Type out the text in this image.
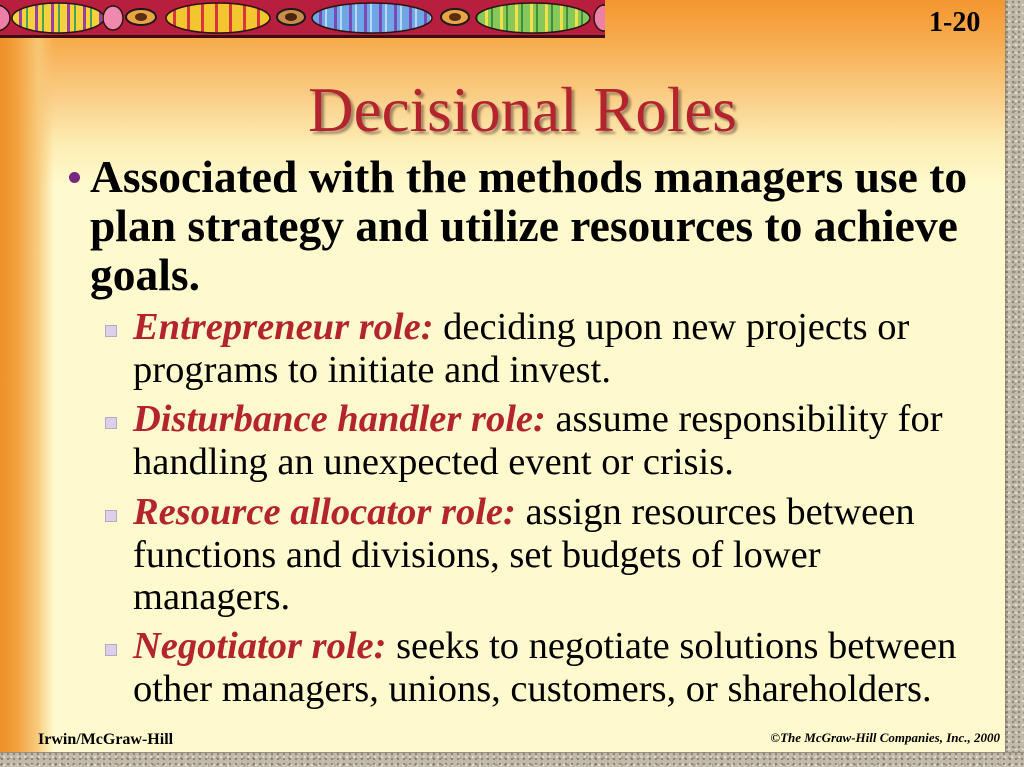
1-20
Decisional Roles
Associated with the methods managers use to
plan strategy and utilize resources to achieve
goals.
Entrepreneur role: deciding upon new projects or
programs to initiate and invest.
Disturbance handler role: assume responsibility for
handling an unexpected event or crisis.
Resource allocator role: assign resources between
functions and divisions, set budgets of lower
managers.
Negotiator role: seeks to negotiate solutions between
other managers, unions, customers, or shareholders.
Irwin/McGraw-Hill	©The McGraw-Hill Companies, Inc., 2000
